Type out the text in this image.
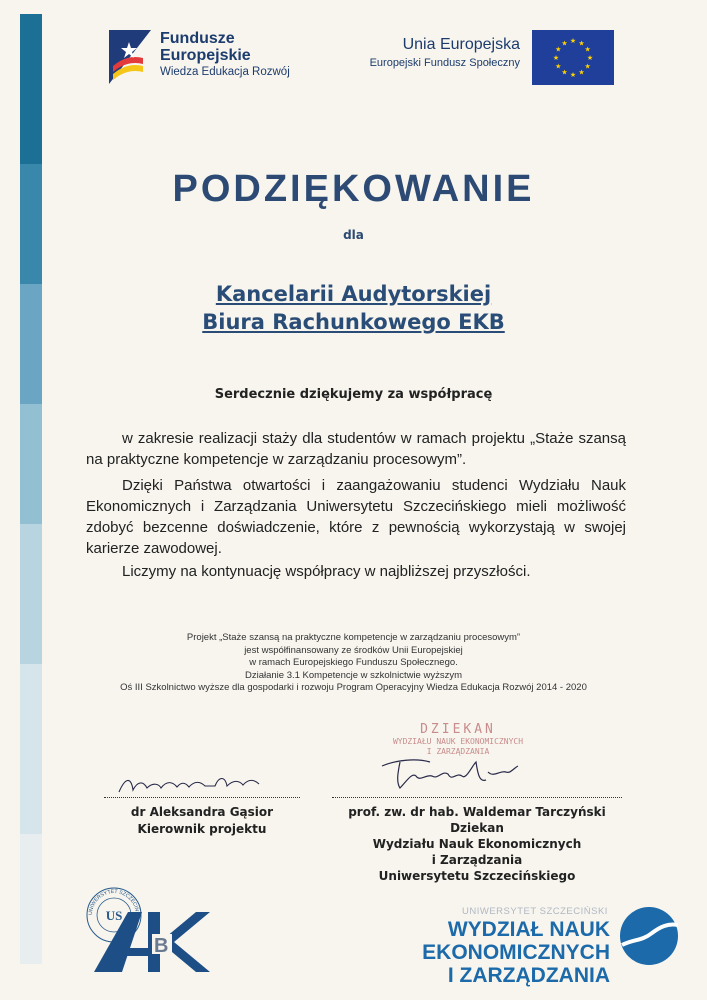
Fundusze
Europejskie
Wiedza Edukacja Rozwój
Unia Europejska
Europejski Fundusz Społeczny
★ ★
★
★
★
★
★
★
★
★
★
★
PODZIĘKOWANIE
dla
Kancelarii Audytorskiej
Biura Rachunkowego EKB
Serdecznie dziękujemy za współpracę
w zakresie realizacji staży dla studentów w ramach projektu „Staże szansą na praktyczne kompetencje w zarządzaniu procesowym”.
Dzięki Państwa otwartości i zaangażowaniu studenci Wydziału Nauk Ekonomicznych i Zarządzania Uniwersytetu Szczecińskiego mieli możliwość zdobyć bezcenne doświadczenie, które z pewnością wykorzystają w swojej karierze zawodowej.
Liczymy na kontynuację współpracy w najbliższej przyszłości.
Projekt „Staże szansą na praktyczne kompetencje w zarządzaniu procesowym”
jest współfinansowany ze środków Unii Europejskiej
w ramach Europejskiego Funduszu Społecznego.
Działanie 3.1 Kompetencje w szkolnictwie wyższym
Oś III Szkolnictwo wyższe dla gospodarki i rozwoju Program Operacyjny Wiedza Edukacja Rozwój 2014 - 2020
DZIEKAN
WYDZIAŁU NAUK EKONOMICZNYCH
I ZARZĄDZANIA
dr Aleksandra Gąsior
Kierownik projektu
prof. zw. dr hab. Waldemar Tarczyński
Dziekan
Wydziału Nauk Ekonomicznych
i Zarządzania
Uniwersytetu Szczecińskiego
UNIWERSYTET SZCZECIŃ
US
B
UNIWERSYTET SZCZECIŃSKI
WYDZIAŁ NAUK EKONOMICZNYCH
I ZARZĄDZANIA
